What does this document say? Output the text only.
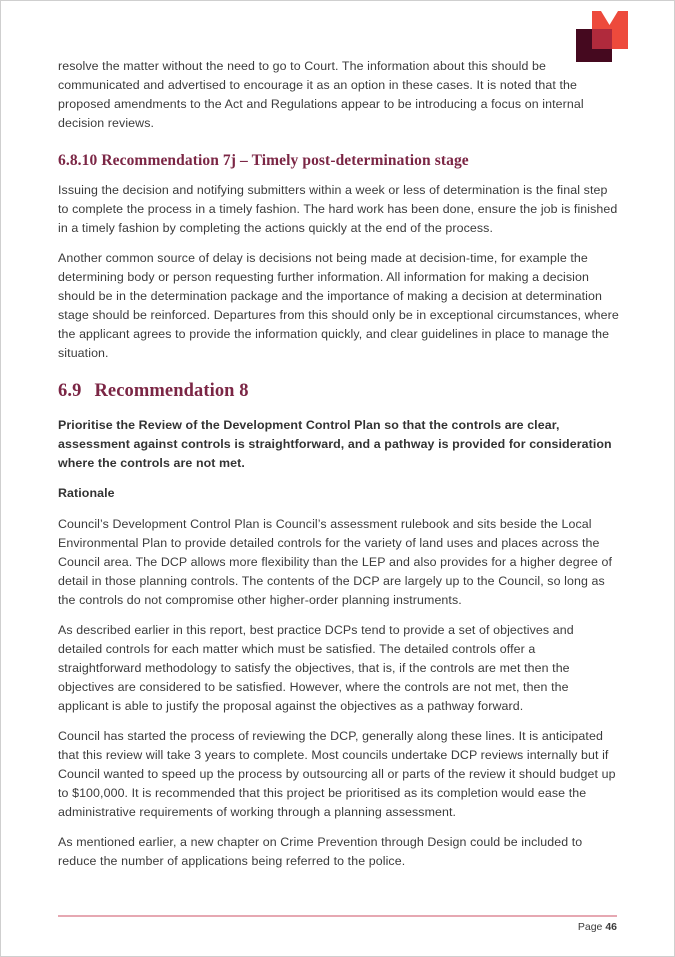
resolve the matter without the need to go to Court. The information about this should be communicated and advertised to encourage it as an option in these cases. It is noted that the proposed amendments to the Act and Regulations appear to be introducing a focus on internal decision reviews.

6.8.10 Recommendation 7j – Timely post-determination stage

Issuing the decision and notifying submitters within a week or less of determination is the final step to complete the process in a timely fashion. The hard work has been done, ensure the job is finished in a timely fashion by completing the actions quickly at the end of the process.

Another common source of delay is decisions not being made at decision-time, for example the determining body or person requesting further information. All information for making a decision should be in the determination package and the importance of making a decision at determination stage should be reinforced. Departures from this should only be in exceptional circumstances, where the applicant agrees to provide the information quickly, and clear guidelines in place to manage the situation.

6.9 Recommendation 8

Prioritise the Review of the Development Control Plan so that the controls are clear, assessment against controls is straightforward, and a pathway is provided for consideration where the controls are not met.

Rationale

Council’s Development Control Plan is Council’s assessment rulebook and sits beside the Local Environmental Plan to provide detailed controls for the variety of land uses and places across the Council area. The DCP allows more flexibility than the LEP and also provides for a higher degree of detail in those planning controls. The contents of the DCP are largely up to the Council, so long as the controls do not compromise other higher-order planning instruments.

As described earlier in this report, best practice DCPs tend to provide a set of objectives and detailed controls for each matter which must be satisfied. The detailed controls offer a straightforward methodology to satisfy the objectives, that is, if the controls are met then the objectives are considered to be satisfied. However, where the controls are not met, then the applicant is able to justify the proposal against the objectives as a pathway forward.

Council has started the process of reviewing the DCP, generally along these lines. It is anticipated that this review will take 3 years to complete. Most councils undertake DCP reviews internally but if Council wanted to speed up the process by outsourcing all or parts of the review it should budget up to $100,000. It is recommended that this project be prioritised as its completion would ease the administrative requirements of working through a planning assessment.

As mentioned earlier, a new chapter on Crime Prevention through Design could be included to reduce the number of applications being referred to the police.

Page 46
